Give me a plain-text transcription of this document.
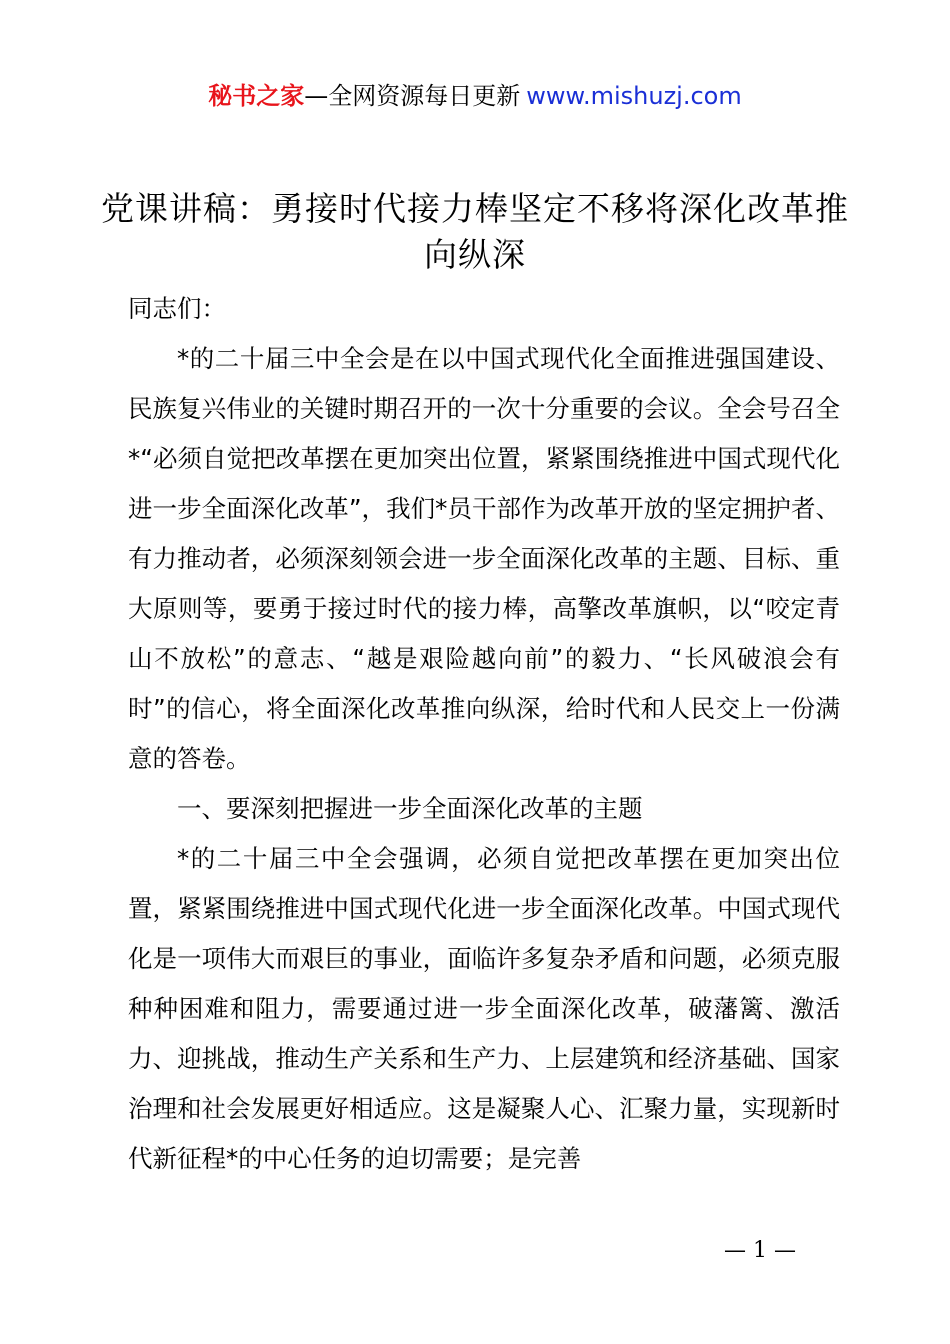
秘书之家—全网资源每日更新 www.mishuzj.com
党课讲稿：勇接时代接力棒坚定不移将深化改革推向纵深

同志们：

*的二十届三中全会是在以中国式现代化全面推进强国建设、民族复兴伟业的关键时期召开的一次十分重要的会议。全会号召全*“必须自觉把改革摆在更加突出位置，紧紧围绕推进中国式现代化进一步全面深化改革”，我们*员干部作为改革开放的坚定拥护者、有力推动者，必须深刻领会进一步全面深化改革的主题、目标、重大原则等，要勇于接过时代的接力棒，高擎改革旗帜，以“咬定青山不放松”的意志、“越是艰险越向前”的毅力、“长风破浪会有时”的信心，将全面深化改革推向纵深，给时代和人民交上一份满意的答卷。

一、要深刻把握进一步全面深化改革的主题

*的二十届三中全会强调，必须自觉把改革摆在更加突出位置，紧紧围绕推进中国式现代化进一步全面深化改革。中国式现代化是一项伟大而艰巨的事业，面临许多复杂矛盾和问题，必须克服种种困难和阻力，需要通过进一步全面深化改革，破藩篱、激活力、迎挑战，推动生产关系和生产力、上层建筑和经济基础、国家治理和社会发展更好相适应。这是凝聚人心、汇聚力量，实现新时代新征程*的中心任务的迫切需要；是完善

— 1 —
